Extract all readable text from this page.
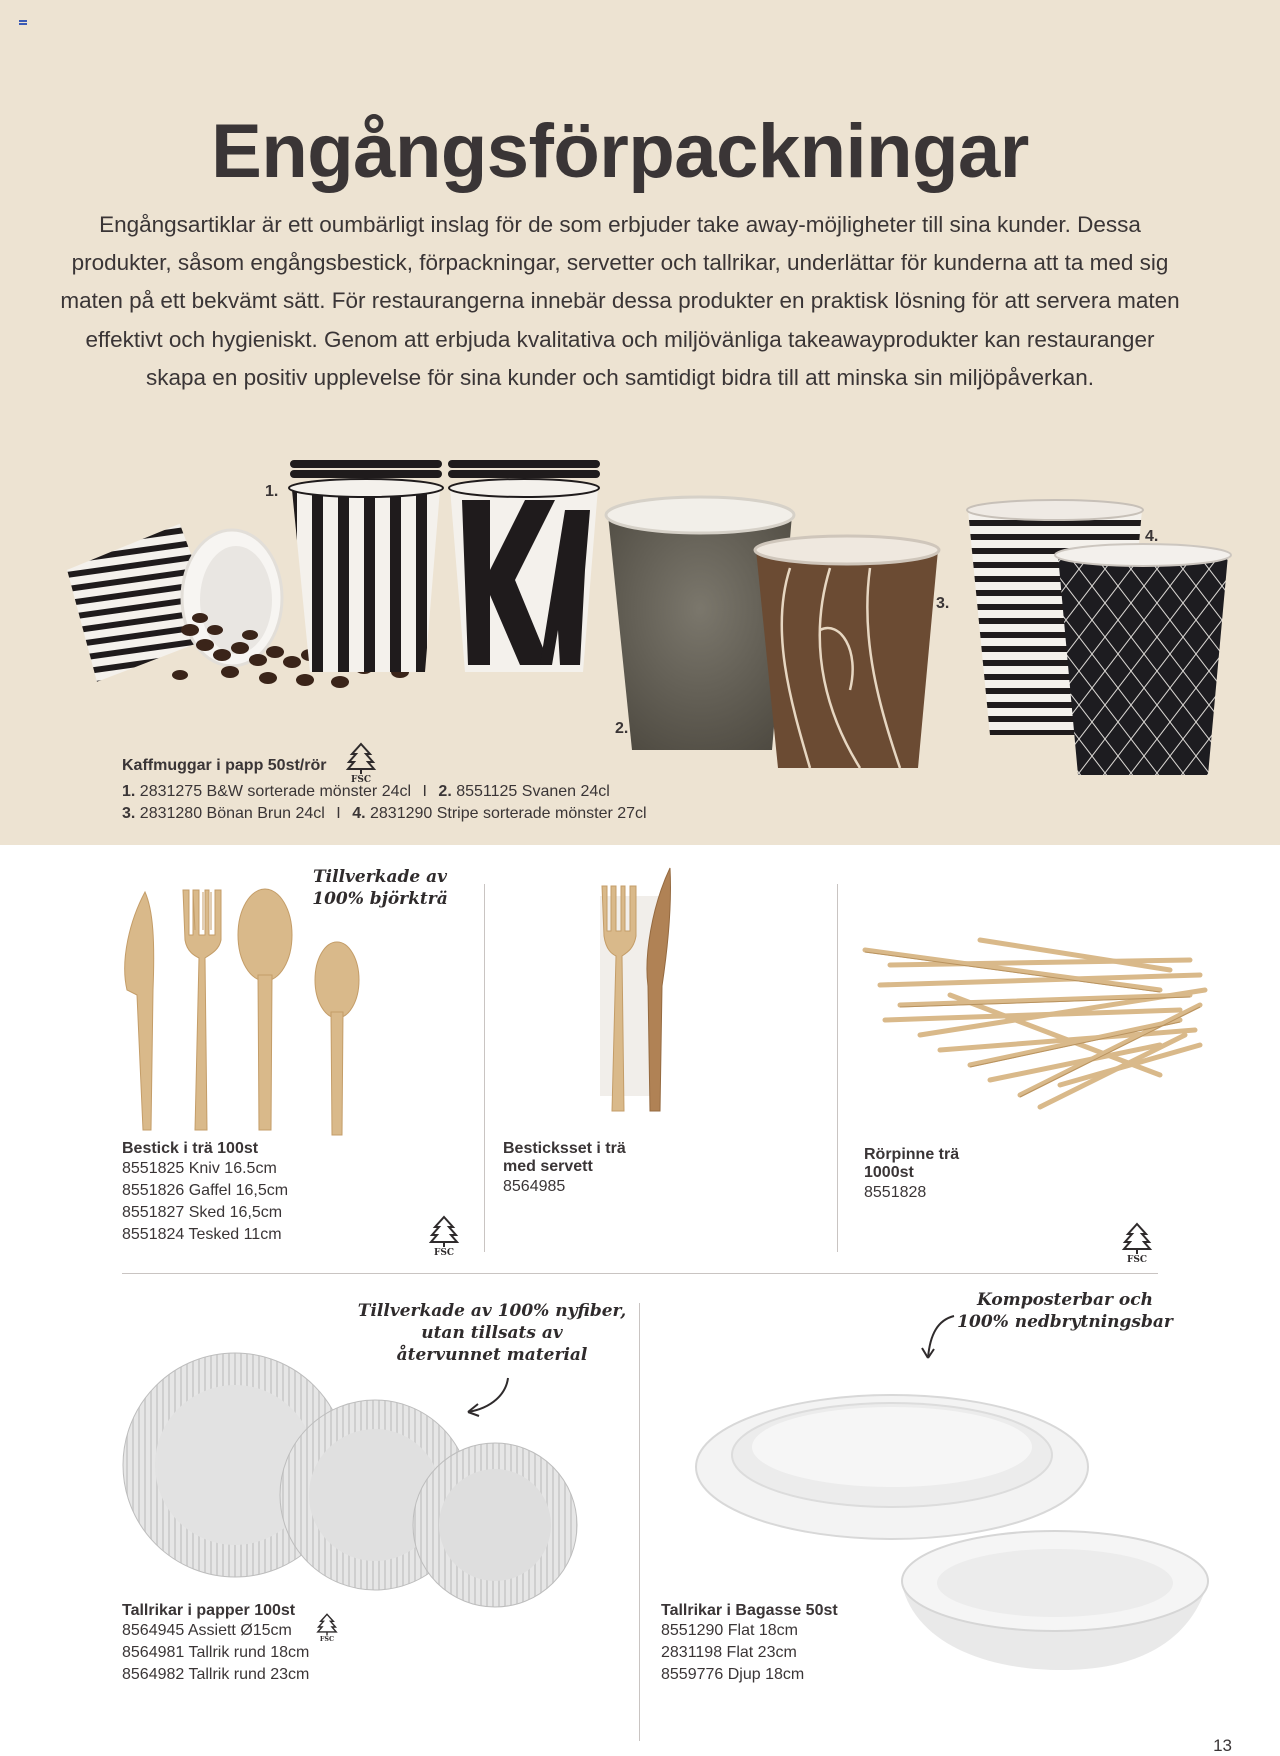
Engångsförpackningar
Engångsartiklar är ett oumbärligt inslag för de som erbjuder take away-möjligheter till sina kunder. Dessa produkter, såsom engångsbestick, förpackningar, servetter och tallrikar, underlättar för kunderna att ta med sig maten på ett bekvämt sätt. För restaurangerna innebär dessa produkter en praktisk lösning för att servera maten effektivt och hygieniskt. Genom att erbjuda kvalitativa och miljövänliga takeawayprodukter kan restauranger skapa en positiv upplevelse för sina kunder och samtidigt bidra till att minska sin miljöpåverkan.
1.
2.
3.
4.
Kaffmuggar i papp 50st/rör
1. 2831275 B&W sorterade mönster 24cl I 2. 8551125 Svanen 24cl
3. 2831280 Bönan Brun 24cl I 4. 2831290 Stripe sorterade mönster 27cl
FSC
Tillverkade av
100% björkträ
Bestick i trä 100st
8551825 Kniv 16.5cm
8551826 Gaffel 16,5cm
8551827 Sked 16,5cm
8551824 Tesked 11cm
FSC
Besticksset i trä
med servett
8564985
Rörpinne trä
1000st
8551828
FSC
Tillverkade av 100% nyfiber,
utan tillsats av
återvunnet material
Tallrikar i papper 100st
8564945 Assiett Ø15cm
8564981 Tallrik rund 18cm
8564982 Tallrik rund 23cm
FSC
Komposterbar och
100% nedbrytningsbar
Tallrikar i Bagasse 50st
8551290 Flat 18cm
2831198 Flat 23cm
8559776 Djup 18cm
13
